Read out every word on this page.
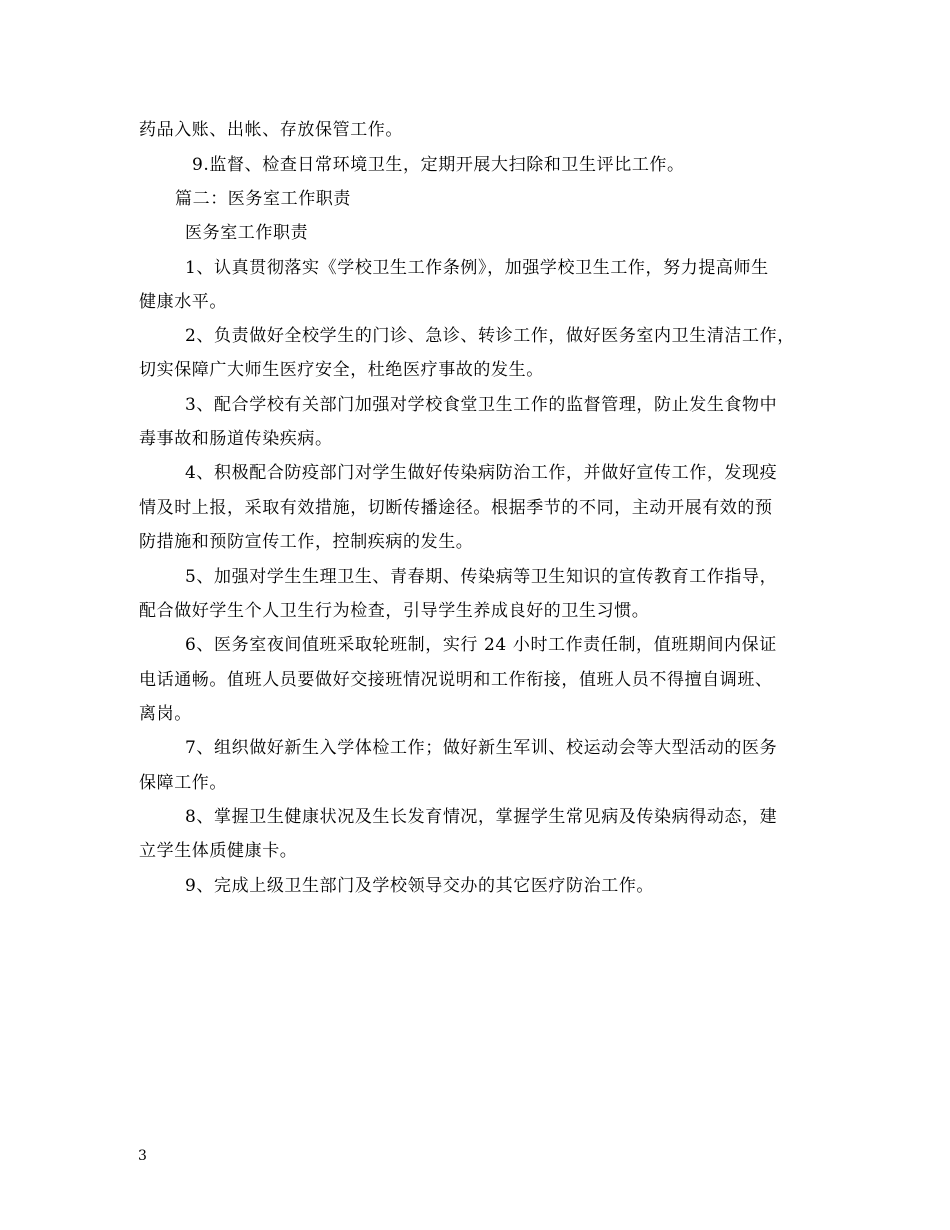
药品入账、出帐、存放保管工作。
9.监督、检查日常环境卫生，定期开展大扫除和卫生评比工作。
篇二：医务室工作职责
医务室工作职责
1、认真贯彻落实《学校卫生工作条例》，加强学校卫生工作，努力提高师生
健康水平。
2、负责做好全校学生的门诊、急诊、转诊工作，做好医务室内卫生清洁工作，
切实保障广大师生医疗安全，杜绝医疗事故的发生。
3、配合学校有关部门加强对学校食堂卫生工作的监督管理，防止发生食物中
毒事故和肠道传染疾病。
4、积极配合防疫部门对学生做好传染病防治工作，并做好宣传工作，发现疫
情及时上报，采取有效措施，切断传播途径。根据季节的不同，主动开展有效的预
防措施和预防宣传工作，控制疾病的发生。
5、加强对学生生理卫生、青春期、传染病等卫生知识的宣传教育工作指导，
配合做好学生个人卫生行为检查，引导学生养成良好的卫生习惯。
6、医务室夜间值班采取轮班制，实行 24 小时工作责任制，值班期间内保证
电话通畅。值班人员要做好交接班情况说明和工作衔接，值班人员不得擅自调班、
离岗。
7、组织做好新生入学体检工作；做好新生军训、校运动会等大型活动的医务
保障工作。
8、掌握卫生健康状况及生长发育情况，掌握学生常见病及传染病得动态，建
立学生体质健康卡。
9、完成上级卫生部门及学校领导交办的其它医疗防治工作。
3
